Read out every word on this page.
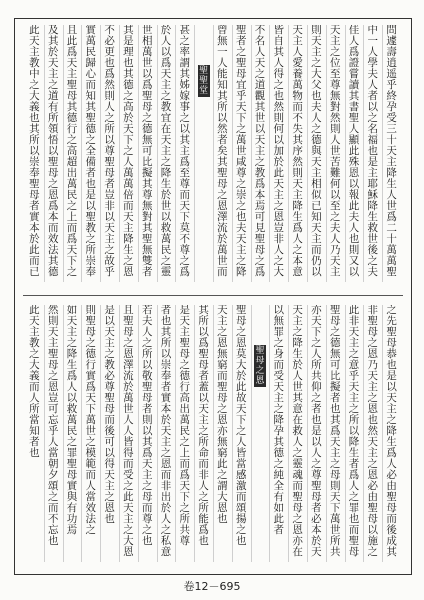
問
遽
壽
逍
遥
乎
終
孕
受
三
十
天
主
降
生
人
世
爲
二
十
萬
萬
聖
中
一
人
學
夫
人
者
以
之
名
福
也
是
主
耶
穌
降
生
救
世
後
之
夫
佳
人
爲
證
嘗
讀
其
書
聖
人
顯
此
殊
恩
以
報
此
夫
人
也
則
又
以
天
主
之
位
至
尊
無
對
然
則
人
世
苦
難
何
以
至
之
夫
人
乃
天
主
則
天
主
之
大
父
也
夫
人
之
德
與
天
主
相
似
已
知
天
主
而
仍
以
天
主
人
愛
養
萬
物
而
不
失
其
序
然
則
天
主
降
生
爲
人
之
本
意
皆
自
其
人
得
之
也
然
則
何
以
加
於
此
天
主
之
恩
豈
非
人
之
大
不
名
人
天
之
道
觀
其
世
以
天
主
之
教
爲
本
焉
可
見
聖
母
之
爲
聖
者
之
聖
母
宜
乎
天
下
之
萬
世
咸
尊
之
崇
之
也
夫
天
主
之
降
曾
無
一
人
能
知
其
所
以
然
者
矣
其
聖
母
之
恩
澤
流
於
萬
世
而
聖
聖
堂
甚
之
率
謂
其
姊
嫁
事
之
以
其
主
爲
至
尊
而
天
下
莫
不
尊
之
爲
於
人
以
爲
天
主
之
教
宜
在
天
主
之
降
生
於
世
以
救
萬
民
之
靈
世
相
萬
世
以
爲
聖
母
之
德
無
可
比
擬
其
尊
無
對
其
聖
無
雙
者
其
是
理
也
其
德
之
高
於
天
下
之
人
萬
萬
倍
而
天
主
降
生
之
恩
不
必
更
也
爲
然
則
人
之
所
以
尊
聖
母
者
豈
非
以
天
主
之
故
乎
實
萬
民
歸
心
而
知
其
聖
德
之
全
備
者
也
是
以
聖
教
之
所
崇
奉
且
此
爲
天
主
聖
母
其
德
行
之
高
超
出
萬
民
之
上
而
爲
天
下
之
及
其
於
天
主
之
道
有
所
領
悟
以
聖
母
之
恩
爲
本
而
效
法
其
德
此
天
主
教
中
之
大
義
也
其
所
以
崇
奉
聖
母
者
實
本
於
此
而
已
之
先
聖
母
恭
也
是
以
天
主
之
降
生
爲
人
必
由
聖
母
而
後
成
其
非
聖
母
之
恩
乃
天
主
之
恩
也
然
天
主
之
恩
必
由
聖
母
以
施
之
此
非
天
主
之
意
乎
天
主
之
所
以
降
生
者
爲
人
之
罪
也
而
聖
母
聖
母
之
德
無
可
比
擬
者
也
其
爲
天
主
之
母
則
天
下
萬
世
所
共
亦
天
下
之
人
所
共
仰
之
者
也
是
以
人
之
尊
聖
母
者
必
本
於
天
天
主
之
降
生
於
人
世
其
意
在
救
人
之
靈
魂
而
聖
母
之
恩
亦
在
以
無
罪
之
身
而
受
天
主
之
降
孕
其
德
之
純
全
有
如
此
者
聖
母
之
恩
聖
母
之
恩
莫
大
於
此
故
天
下
之
人
皆
當
感
激
而
頌
揚
之
也
天
主
之
恩
無
窮
而
聖
母
之
恩
亦
無
窮
此
之
謂
大
恩
也
其
所
以
爲
聖
母
者
蓋
以
天
主
之
所
命
而
非
人
之
所
能
爲
也
是
天
主
聖
母
之
德
行
高
出
萬
民
之
上
而
爲
天
下
之
所
共
尊
者
也
其
所
以
崇
奉
者
實
本
於
天
主
之
恩
而
非
出
於
人
之
私
意
若
夫
人
之
所
以
敬
聖
母
者
則
以
其
爲
天
主
之
母
而
尊
之
也
且
聖
母
之
恩
澤
流
於
萬
世
人
人
皆
得
而
受
之
此
天
主
之
大
恩
是
以
天
主
之
教
必
尊
聖
母
而
後
可
以
得
天
主
之
恩
也
則
聖
母
之
德
行
實
爲
天
下
萬
世
之
模
範
而
人
當
效
法
之
如
天
主
之
降
生
爲
人
以
救
萬
民
之
罪
聖
母
實
與
有
功
焉
然
則
天
主
聖
母
之
恩
豈
可
忘
乎
人
當
朝
夕
頌
之
而
不
忘
也
此
天
主
教
之
大
義
而
人
所
當
知
者
也
卷12－695
